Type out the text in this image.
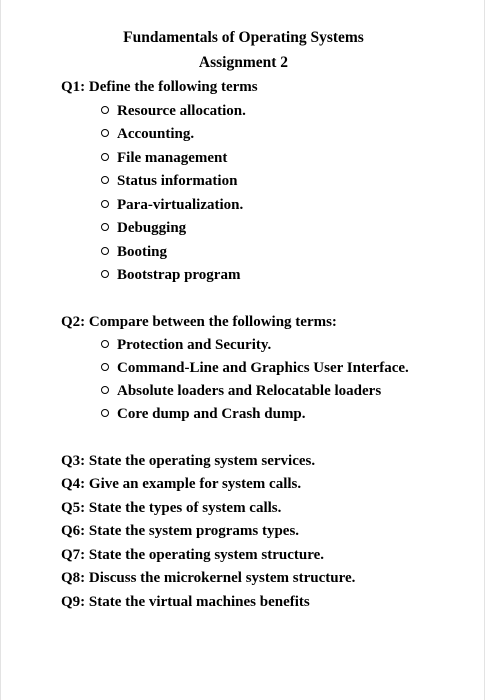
Fundamentals of Operating Systems
Assignment 2
Q1: Define the following terms
Resource allocation.
Accounting.
File management
Status information
Para-virtualization.
Debugging
Booting
Bootstrap program
Q2: Compare between the following terms:
Protection and Security.
Command-Line and Graphics User Interface.
Absolute loaders and Relocatable loaders
Core dump and Crash dump.
Q3: State the operating system services.
Q4: Give an example for system calls.
Q5: State the types of system calls.
Q6: State the system programs types.
Q7: State the operating system structure.
Q8: Discuss the microkernel system structure.
Q9: State the virtual machines benefits
